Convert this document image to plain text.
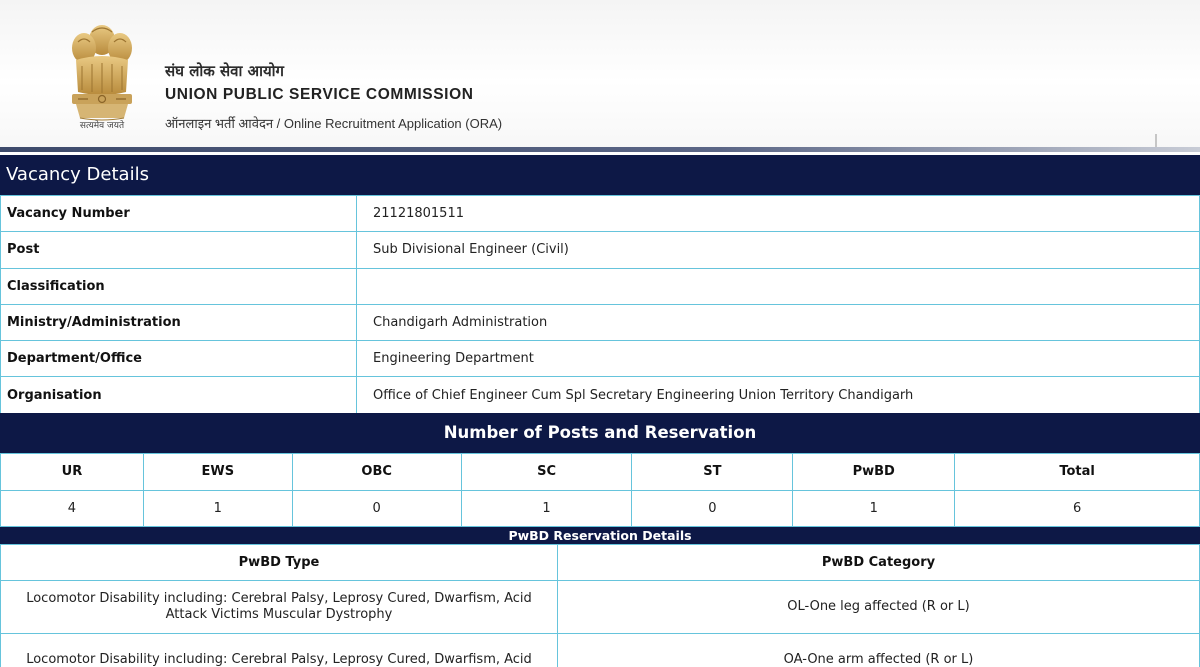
सत्यमेव जयते
संघ लोक सेवा आयोग
UNION PUBLIC SERVICE COMMISSION
ऑनलाइन भर्ती आवेदन / Online Recruitment Application (ORA)
Vacancy Details
Vacancy Number	21121801511
Post	Sub Divisional Engineer (Civil)
Classification	
Ministry/Administration	Chandigarh Administration
Department/Office	Engineering Department
Organisation	Office of Chief Engineer Cum Spl Secretary Engineering Union Territory Chandigarh
Number of Posts and Reservation
UR	EWS	OBC	SC	ST	PwBD	Total
4	1	0	1	0	1	6
PwBD Reservation Details
PwBD Type	PwBD Category
Locomotor Disability including: Cerebral Palsy, Leprosy Cured, Dwarfism, Acid Attack Victims Muscular Dystrophy	OL-One leg affected (R or L)
Locomotor Disability including: Cerebral Palsy, Leprosy Cured, Dwarfism, Acid	OA-One arm affected (R or L)
